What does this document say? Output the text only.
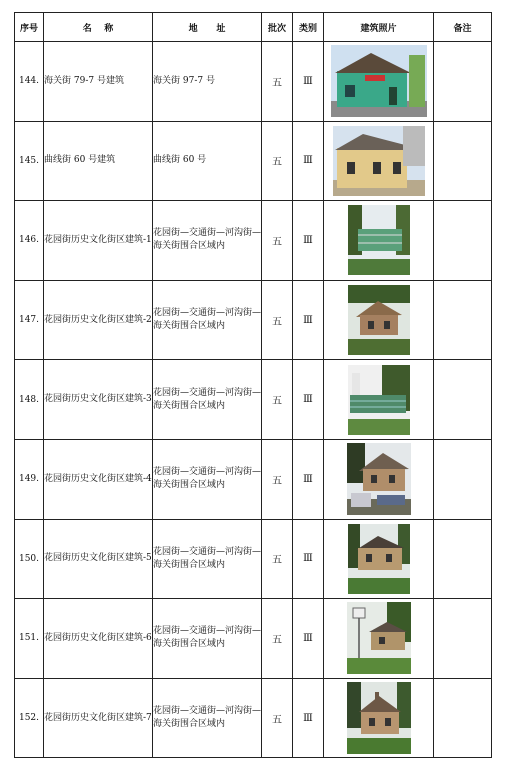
序号	名    称	地      址	批次	类别	建筑照片	备注
144.	海关街 79-7 号建筑	海关街 97-7 号	五	Ⅲ	

145.	曲线街 60 号建筑	曲线街 60 号	五	Ⅲ	

146.	花园街历史文化街区建筑-1	花园街—交通街—河沟街—海关街围合区域内	五	Ⅲ	

147.	花园街历史文化街区建筑-2	花园街—交通街—河沟街—海关街围合区域内	五	Ⅲ	

148.	花园街历史文化街区建筑-3	花园街—交通街—河沟街—海关街围合区域内	五	Ⅲ	

149.	花园街历史文化街区建筑-4	花园街—交通街—河沟街—海关街围合区域内	五	Ⅲ	

150.	花园街历史文化街区建筑-5	花园街—交通街—河沟街—海关街围合区域内	五	Ⅲ	

151.	花园街历史文化街区建筑-6	花园街—交通街—河沟街—海关街围合区域内	五	Ⅲ	

152.	花园街历史文化街区建筑-7	花园街—交通街—河沟街—海关街围合区域内	五	Ⅲ	
